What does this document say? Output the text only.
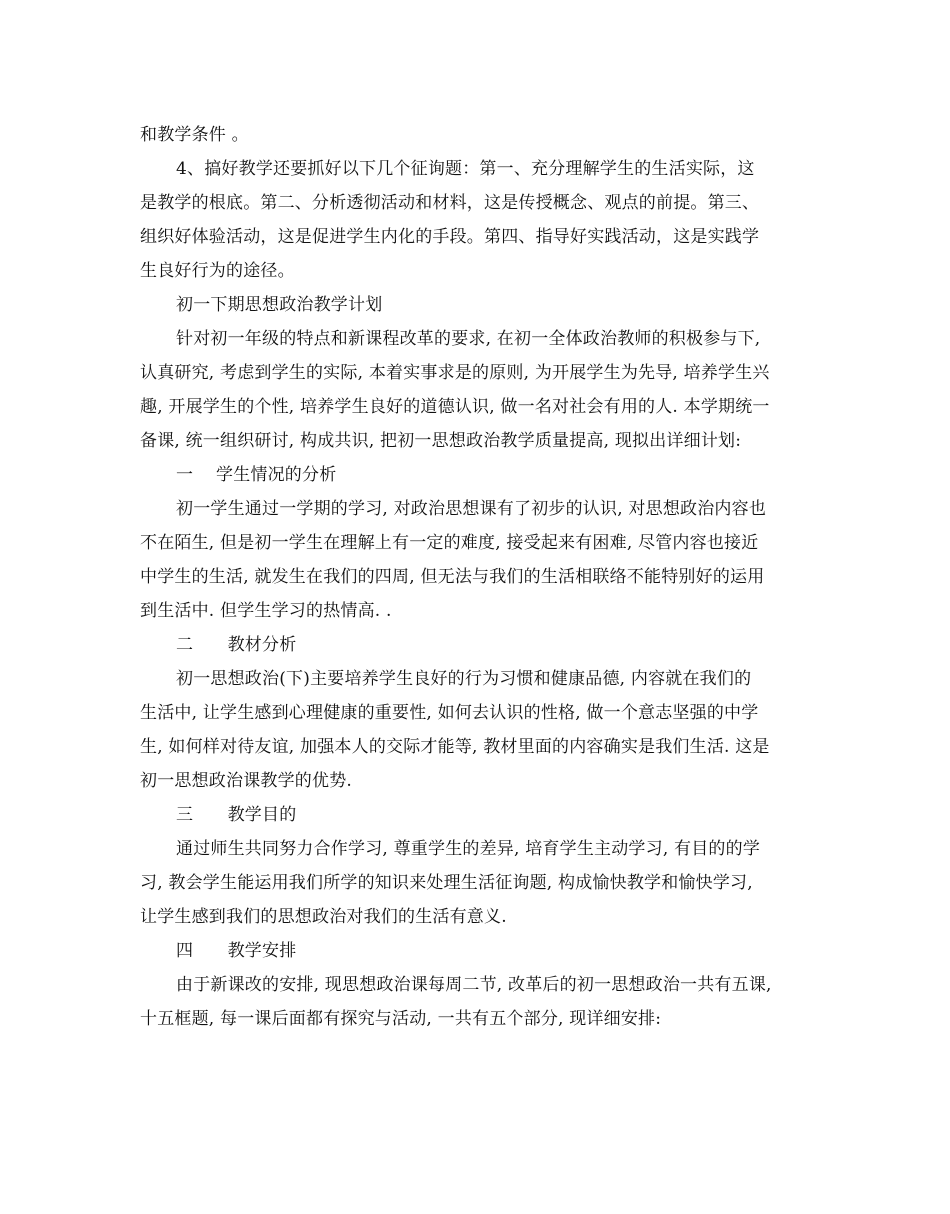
和教学条件 。
4、搞好教学还要抓好以下几个征询题：第一、充分理解学生的生活实际，这
是教学的根底。第二、分析透彻活动和材料，这是传授概念、观点的前提。第三、
组织好体验活动，这是促进学生内化的手段。第四、指导好实践活动，这是实践学
生良好行为的途径。
初一下期思想政治教学计划
针对初一年级的特点和新课程改革的要求, 在初一全体政治教师的积极参与下,
认真研究, 考虑到学生的实际, 本着实事求是的原则, 为开展学生为先导, 培养学生兴
趣, 开展学生的个性, 培养学生良好的道德认识, 做一名对社会有用的人. 本学期统一
备课, 统一组织研讨, 构成共识, 把初一思想政治教学质量提高, 现拟出详细计划:
一　 学生情况的分析
初一学生通过一学期的学习, 对政治思想课有了初步的认识, 对思想政治内容也
不在陌生, 但是初一学生在理解上有一定的难度, 接受起来有困难, 尽管内容也接近
中学生的生活, 就发生在我们的四周, 但无法与我们的生活相联络不能特别好的运用
到生活中. 但学生学习的热情高. .
二　　教材分析
初一思想政治(下)主要培养学生良好的行为习惯和健康品德, 内容就在我们的
生活中, 让学生感到心理健康的重要性, 如何去认识的性格, 做一个意志坚强的中学
生, 如何样对待友谊, 加强本人的交际才能等, 教材里面的内容确实是我们生活. 这是
初一思想政治课教学的优势.
三　　教学目的
通过师生共同努力合作学习, 尊重学生的差异, 培育学生主动学习, 有目的的学
习, 教会学生能运用我们所学的知识来处理生活征询题, 构成愉快教学和愉快学习,
让学生感到我们的思想政治对我们的生活有意义.
四　　教学安排
由于新课改的安排, 现思想政治课每周二节, 改革后的初一思想政治一共有五课,
十五框题, 每一课后面都有探究与活动, 一共有五个部分, 现详细安排:
